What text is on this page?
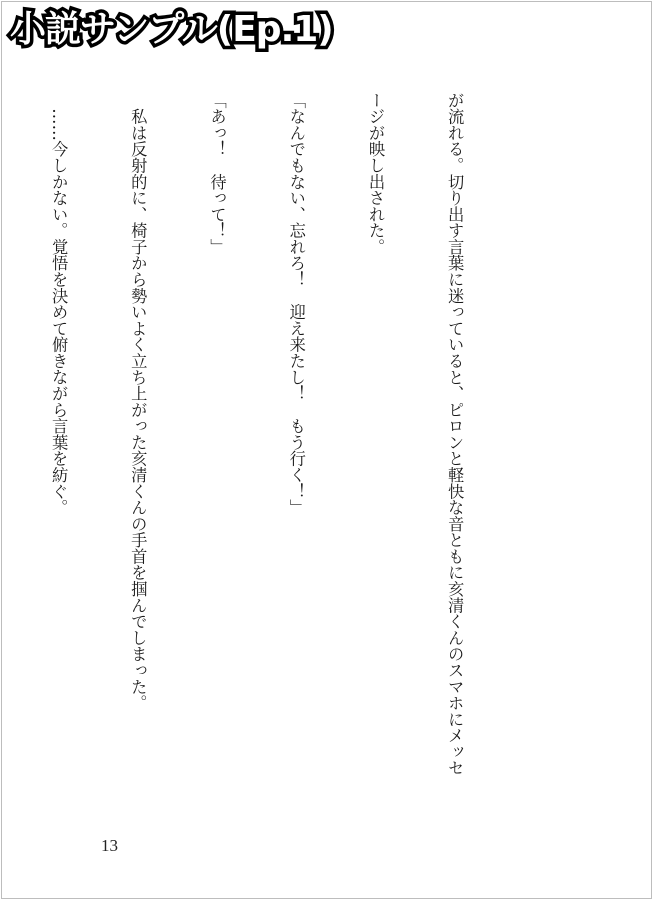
小説サンプル(Ep.1)

が流れる。切り出す言葉に迷っていると、ピロンと軽快な音ともに亥清くんのスマホにメッセ

ージが映し出された。

「なんでもない、忘れろ！　迎え来たし！　もう行く！」

「あっ！　待って！」

　私は反射的に、椅子から勢いよく立ち上がった亥清くんの手首を掴んでしまった。

　……今しかない。覚悟を決めて俯きながら言葉を紡ぐ。

13
